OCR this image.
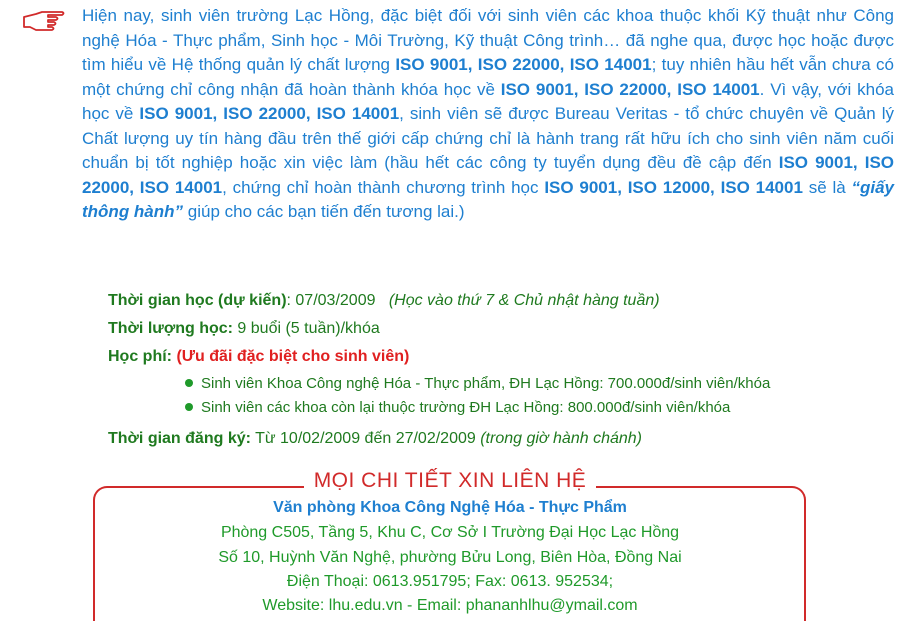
Hiện nay, sinh viên trường Lạc Hồng, đặc biệt đối với sinh viên các khoa thuộc khối Kỹ thuật như Công nghệ Hóa - Thực phẩm, Sinh học - Môi Trường, Kỹ thuật Công trình… đã nghe qua, được học hoặc được tìm hiểu về Hệ thống quản lý chất lượng ISO 9001, ISO 22000, ISO 14001; tuy nhiên hầu hết vẫn chưa có một chứng chỉ công nhận đã hoàn thành khóa học về ISO 9001, ISO 22000, ISO 14001. Vì vậy, với khóa học về ISO 9001, ISO 22000, ISO 14001, sinh viên sẽ được Bureau Veritas - tổ chức chuyên về Quản lý Chất lượng uy tín hàng đầu trên thế giới cấp chứng chỉ là hành trang rất hữu ích cho sinh viên năm cuối chuẩn bị tốt nghiệp hoặc xin việc làm (hầu hết các công ty tuyển dụng đều đề cập đến ISO 9001, ISO 22000, ISO 14001, chứng chỉ hoàn thành chương trình học ISO 9001, ISO 12000, ISO 14001 sẽ là “giấy thông hành” giúp cho các bạn tiến đến tương lai.)

Thời gian học (dự kiến): 07/03/2009 (Học vào thứ 7 & Chủ nhật hàng tuần)
Thời lượng học: 9 buổi (5 tuần)/khóa
Học phí: (Ưu đãi đặc biệt cho sinh viên)
Sinh viên Khoa Công nghệ Hóa - Thực phẩm, ĐH Lạc Hồng: 700.000đ/sinh viên/khóa
Sinh viên các khoa còn lại thuộc trường ĐH Lạc Hồng: 800.000đ/sinh viên/khóa
Thời gian đăng ký: Từ 10/02/2009 đến 27/02/2009 (trong giờ hành chánh)
MỌI CHI TIẾT XIN LIÊN HỆ
Văn phòng Khoa Công Nghệ Hóa - Thực Phẩm
Phòng C505, Tầng 5, Khu C, Cơ Sở I Trường Đại Học Lạc Hồng
Số 10, Huỳnh Văn Nghệ, phường Bửu Long, Biên Hòa, Đồng Nai
Điện Thoại: 0613.951795; Fax: 0613. 952534;
Website: lhu.edu.vn - Email: phananhlhu@ymail.com
